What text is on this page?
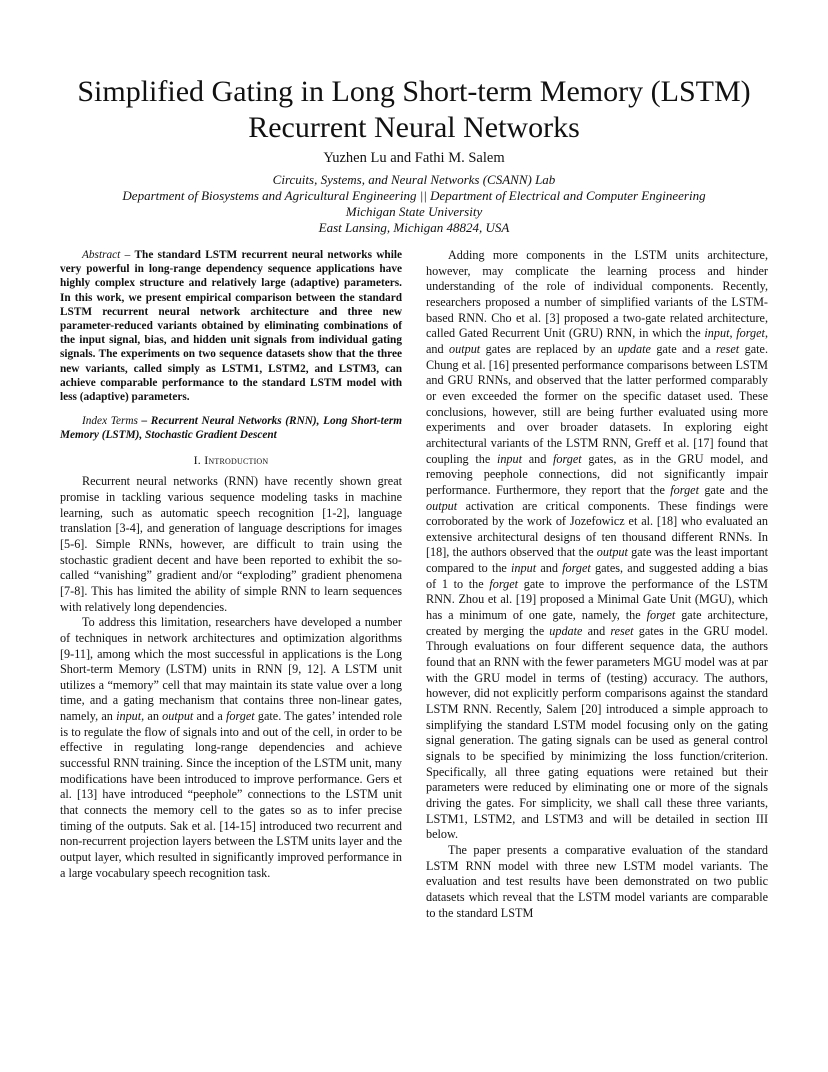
Simplified Gating in Long Short-term Memory (LSTM) Recurrent Neural Networks
Yuzhen Lu and Fathi M. Salem
Circuits, Systems, and Neural Networks (CSANN) Lab
Department of Biosystems and Agricultural Engineering || Department of Electrical and Computer Engineering
Michigan State University
East Lansing, Michigan 48824, USA

Abstract – The standard LSTM recurrent neural networks while very powerful in long-range dependency sequence applications have highly complex structure and relatively large (adaptive) parameters. In this work, we present empirical comparison between the standard LSTM recurrent neural network architecture and three new parameter-reduced variants obtained by eliminating combinations of the input signal, bias, and hidden unit signals from individual gating signals. The experiments on two sequence datasets show that the three new variants, called simply as LSTM1, LSTM2, and LSTM3, can achieve comparable performance to the standard LSTM model with less (adaptive) parameters.

Index Terms – Recurrent Neural Networks (RNN), Long Short-term Memory (LSTM), Stochastic Gradient Descent

I. Introduction

Recurrent neural networks (RNN) have recently shown great promise in tackling various sequence modeling tasks in machine learning, such as automatic speech recognition [1-2], language translation [3-4], and generation of language descriptions for images [5-6]. Simple RNNs, however, are difficult to train using the stochastic gradient decent and have been reported to exhibit the so-called “vanishing” gradient and/or “exploding” gradient phenomena [7-8]. This has limited the ability of simple RNN to learn sequences with relatively long dependencies.

To address this limitation, researchers have developed a number of techniques in network architectures and optimization algorithms [9-11], among which the most successful in applications is the Long Short-term Memory (LSTM) units in RNN [9, 12]. A LSTM unit utilizes a “memory” cell that may maintain its state value over a long time, and a gating mechanism that contains three non-linear gates, namely, an input, an output and a forget gate. The gates’ intended role is to regulate the flow of signals into and out of the cell, in order to be effective in regulating long-range dependencies and achieve successful RNN training. Since the inception of the LSTM unit, many modifications have been introduced to improve performance. Gers et al. [13] have introduced “peephole” connections to the LSTM unit that connects the memory cell to the gates so as to infer precise timing of the outputs. Sak et al. [14-15] introduced two recurrent and non-recurrent projection layers between the LSTM units layer and the output layer, which resulted in significantly improved performance in a large vocabulary speech recognition task.

Adding more components in the LSTM units architecture, however, may complicate the learning process and hinder understanding of the role of individual components. Recently, researchers proposed a number of simplified variants of the LSTM-based RNN. Cho et al. [3] proposed a two-gate related architecture, called Gated Recurrent Unit (GRU) RNN, in which the input, forget, and output gates are replaced by an update gate and a reset gate. Chung et al. [16] presented performance comparisons between LSTM and GRU RNNs, and observed that the latter performed comparably or even exceeded the former on the specific dataset used. These conclusions, however, still are being further evaluated using more experiments and over broader datasets. In exploring eight architectural variants of the LSTM RNN, Greff et al. [17] found that coupling the input and forget gates, as in the GRU model, and removing peephole connections, did not significantly impair performance. Furthermore, they report that the forget gate and the output activation are critical components. These findings were corroborated by the work of Jozefowicz et al. [18] who evaluated an extensive architectural designs of ten thousand different RNNs. In [18], the authors observed that the output gate was the least important compared to the input and forget gates, and suggested adding a bias of 1 to the forget gate to improve the performance of the LSTM RNN. Zhou et al. [19] proposed a Minimal Gate Unit (MGU), which has a minimum of one gate, namely, the forget gate architecture, created by merging the update and reset gates in the GRU model. Through evaluations on four different sequence data, the authors found that an RNN with the fewer parameters MGU model was at par with the GRU model in terms of (testing) accuracy. The authors, however, did not explicitly perform comparisons against the standard LSTM RNN. Recently, Salem [20] introduced a simple approach to simplifying the standard LSTM model focusing only on the gating signal generation. The gating signals can be used as general control signals to be specified by minimizing the loss function/criterion. Specifically, all three gating equations were retained but their parameters were reduced by eliminating one or more of the signals driving the gates. For simplicity, we shall call these three variants, LSTM1, LSTM2, and LSTM3 and will be detailed in section III below.

The paper presents a comparative evaluation of the standard LSTM RNN model with three new LSTM model variants. The evaluation and test results have been demonstrated on two public datasets which reveal that the LSTM model variants are comparable to the standard LSTM
